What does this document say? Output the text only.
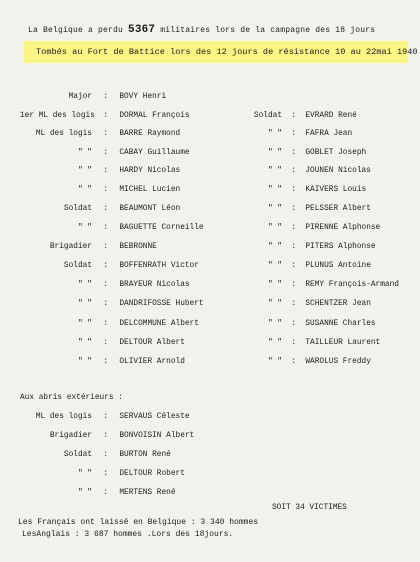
La Belgique a perdu 5367 militaires lors de la campagne des 18 jours
Tombés au Fort de Battice lors des 12 jours de résistance 10 au 22mai 1940
Major : BOVY Henri
1er ML des logis : DORMAL François
ML des logis : BARRE Raymond
" " : CABAY Guillaume
" " : HARDY Nicolas
" " : MICHEL Lucien
Soldat : BEAUMONT Léon
" " : BAGUETTE Corneille
Brigadier : BEBRONNE
Soldat : BOFFENRATH Victor
" " : BRAYEUR Nicolas
" " : DANDRIFOSSE Hubert
" " : DELCOMMUNE Albert
" " : DELTOUR Albert
" " : OLIVIER Arnold
Soldat : EVRARD René
" " : FAFRA Jean
" " : GOBLET Joseph
" " : JOUNEN Nicolas
" " : KAIVERS Louis
" " : PELSSER Albert
" " : PIRENNE Alphonse
" " : PITERS Alphonse
" " : PLUNUS Antoine
" " : REMY François-Armand
" " : SCHENTZER Jean
" " : SUSANNE Charles
" " : TAILLEUR Laurent
" " : WAROLUS Freddy
Aux abris extérieurs :
ML des logis : SERVAUS Céleste
Brigadier : BONVOISIN Albert
Soldat : BURTON René
" " : DELTOUR Robert
" " : MERTENS René
SOIT 34 VICTIMES
Les Français ont laissé en Belgique : 3 340 hommes
LesAnglais : 3 687 hommes .Lors des 18jours.
